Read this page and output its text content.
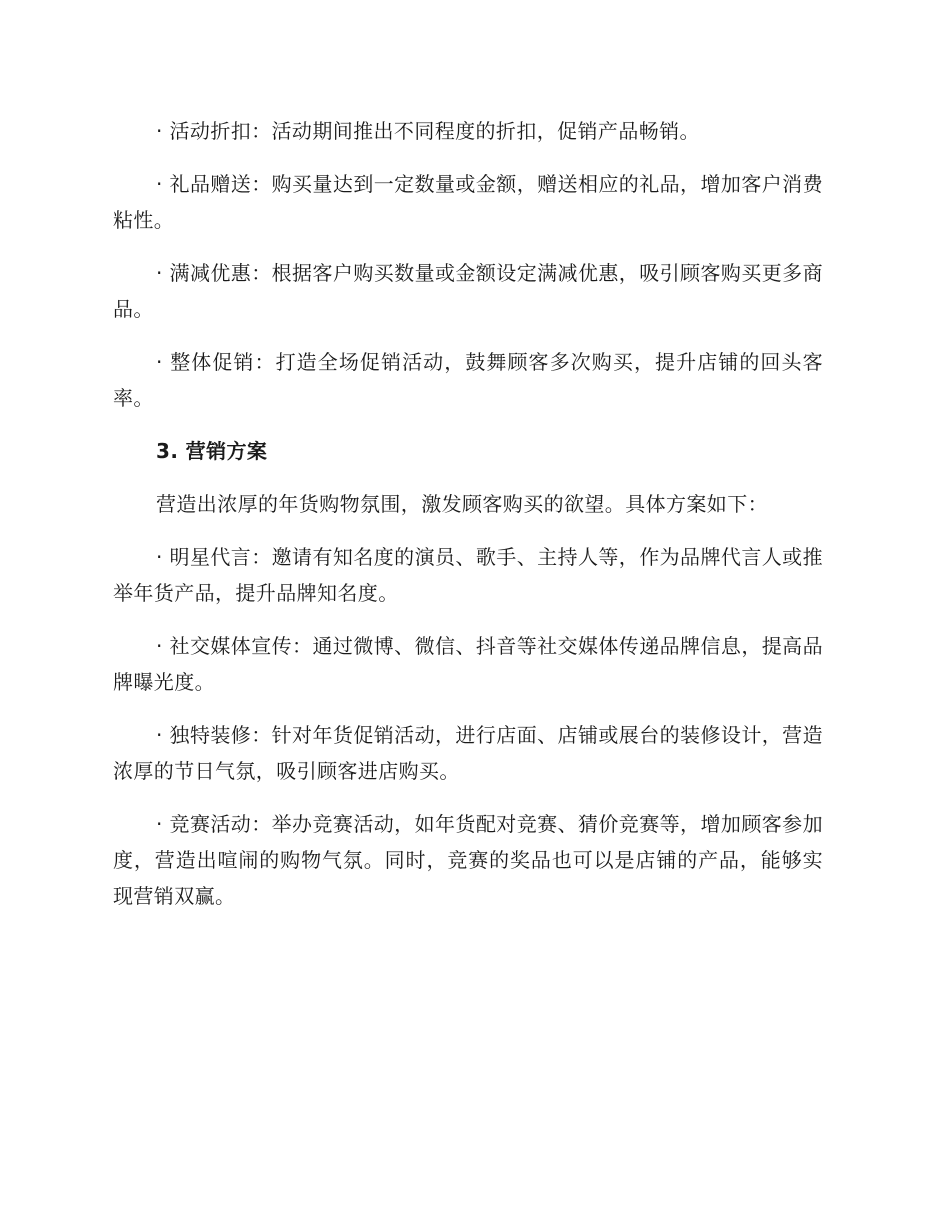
· 活动折扣：活动期间推出不同程度的折扣，促销产品畅销。

· 礼品赠送：购买量达到一定数量或金额，赠送相应的礼品，增加客户消费粘性。

· 满减优惠：根据客户购买数量或金额设定满减优惠，吸引顾客购买更多商品。

· 整体促销：打造全场促销活动，鼓舞顾客多次购买，提升店铺的回头客率。

3. 营销方案

营造出浓厚的年货购物氛围，激发顾客购买的欲望。具体方案如下：

· 明星代言：邀请有知名度的演员、歌手、主持人等，作为品牌代言人或推举年货产品，提升品牌知名度。

· 社交媒体宣传：通过微博、微信、抖音等社交媒体传递品牌信息，提高品牌曝光度。

· 独特装修：针对年货促销活动，进行店面、店铺或展台的装修设计，营造浓厚的节日气氛，吸引顾客进店购买。

· 竞赛活动：举办竞赛活动，如年货配对竞赛、猜价竞赛等，增加顾客参加度，营造出喧闹的购物气氛。同时，竞赛的奖品也可以是店铺的产品，能够实现营销双赢。
